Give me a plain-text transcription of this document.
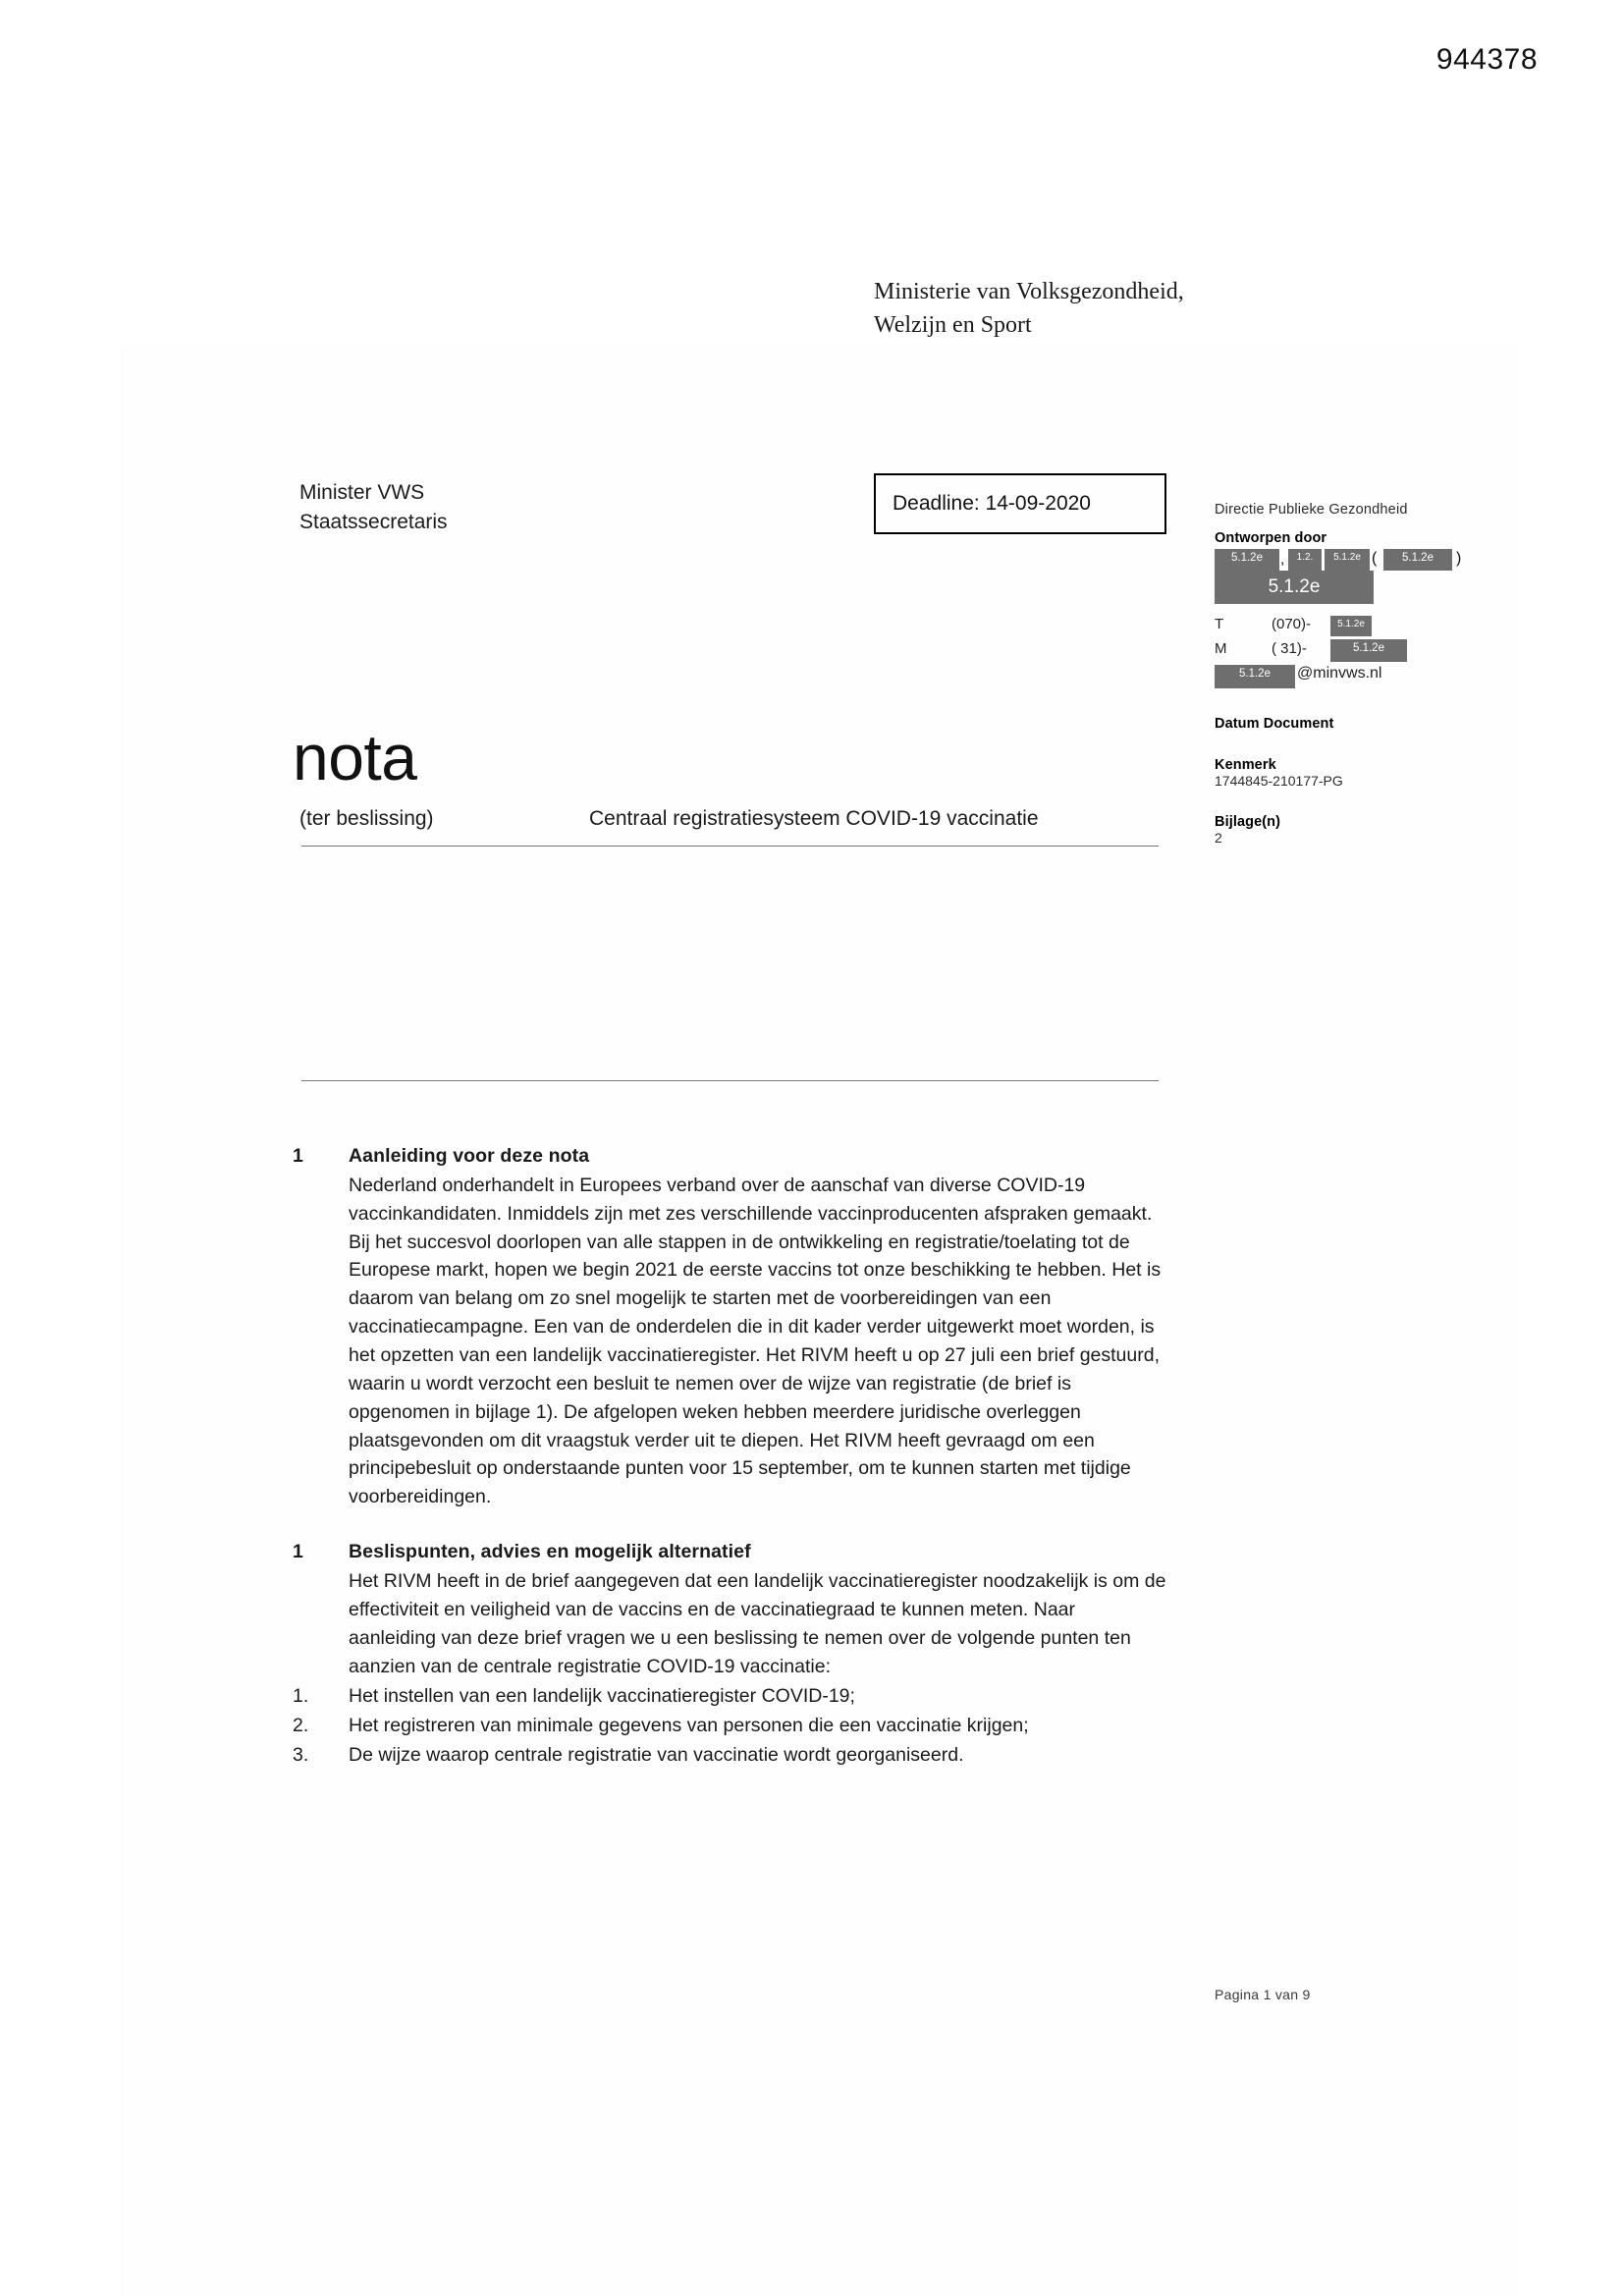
944378
Ministerie van Volksgezondheid,
Welzijn en Sport
Minister VWS
Staatssecretaris
Deadline: 14-09-2020	Directie Publieke Gezondheid
Ontworpen door
5.1.2e	,	1.2.	5.1.2e (	5.1.2e	)
5.1.2e
T	(070)-	5.1.2e
M	( 31)-	5.1.2e
5.1.2e	@minvws.nl
Datum Document
Kenmerk
1744845-210177-PG
Bijlage(n)
2
nota
(ter beslissing)	Centraal registratiesysteem COVID-19 vaccinatie
1	Aanleiding voor deze nota
Nederland onderhandelt in Europees verband over de aanschaf van diverse COVID-19 vaccinkandidaten. Inmiddels zijn met zes verschillende vaccinproducenten afspraken gemaakt. Bij het succesvol doorlopen van alle stappen in de ontwikkeling en registratie/toelating tot de Europese markt, hopen we begin 2021 de eerste vaccins tot onze beschikking te hebben. Het is daarom van belang om zo snel mogelijk te starten met de voorbereidingen van een vaccinatiecampagne. Een van de onderdelen die in dit kader verder uitgewerkt moet worden, is het opzetten van een landelijk vaccinatieregister. Het RIVM heeft u op 27 juli een brief gestuurd, waarin u wordt verzocht een besluit te nemen over de wijze van registratie (de brief is opgenomen in bijlage 1). De afgelopen weken hebben meerdere juridische overleggen plaatsgevonden om dit vraagstuk verder uit te diepen. Het RIVM heeft gevraagd om een principebesluit op onderstaande punten voor 15 september, om te kunnen starten met tijdige voorbereidingen.
1	Beslispunten, advies en mogelijk alternatief
Het RIVM heeft in de brief aangegeven dat een landelijk vaccinatieregister noodzakelijk is om de effectiviteit en veiligheid van de vaccins en de vaccinatiegraad te kunnen meten. Naar aanleiding van deze brief vragen we u een beslissing te nemen over de volgende punten ten aanzien van de centrale registratie COVID-19 vaccinatie:
1.	Het instellen van een landelijk vaccinatieregister COVID-19;
2.	Het registreren van minimale gegevens van personen die een vaccinatie krijgen;
3.	De wijze waarop centrale registratie van vaccinatie wordt georganiseerd.
Pagina 1 van 9
